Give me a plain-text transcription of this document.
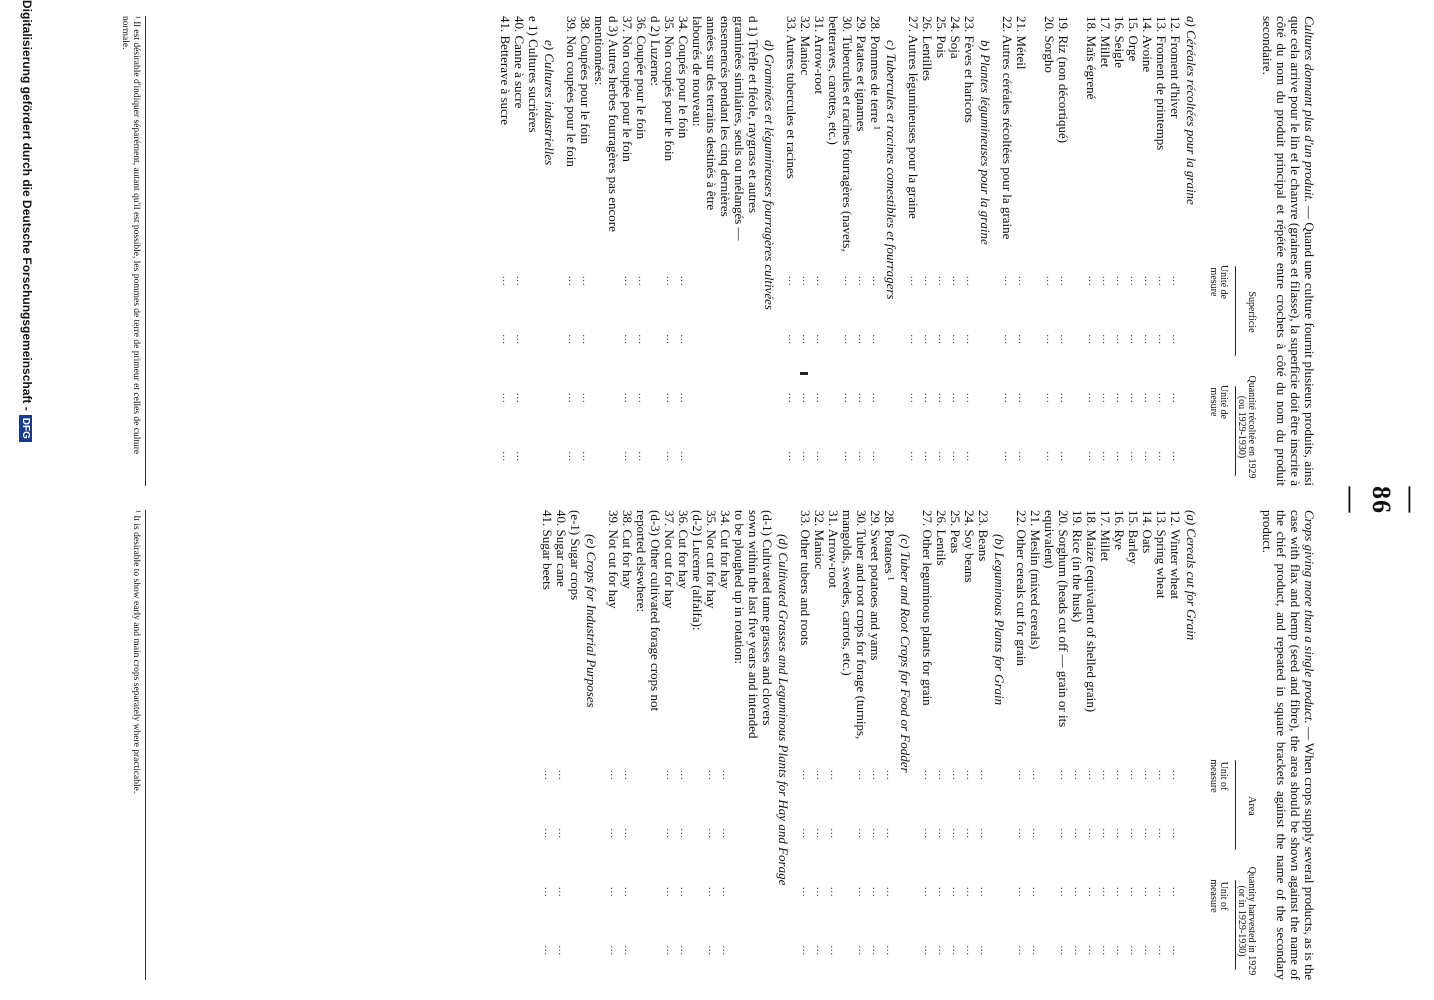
— 86 —
Cultures donnant plus d'un produit. — Quand une culture fournit plusieurs produits, ainsi que cela arrive pour le lin et le chanvre (graines et filasse), la superficie doit être inscrite à côté du nom du produit principal et répétée entre crochets à côté du nom du produit secondaire.
Superficie
Quantité récoltée en 1929 (ou 1929-1930)
Unité de mesure
Unité de mesure
a) Céréales récoltées pour la graine
12. Froment d'hiver
...
...
...
...
13. Froment de printemps
...
...
...
...
14. Avoine
...
...
...
...
15. Orge
...
...
...
...
16. Seigle
...
...
...
...
17. Millet
...
...
...
...
18. Maïs égrené
...
...
...
...
19. Riz (non décortiqué)
...
...
...
...
20. Sorgho
...
...
...
...
21. Méteil
...
...
...
...
22. Autres céréales récoltées pour la graine
...
...
...
...
b) Plantes légumineuses pour la graine
23. Fèves et haricots
...
...
...
...
24. Soja
...
...
...
...
25. Pois
...
...
...
...
26. Lentilles
...
...
...
...
27. Autres légumineuses pour la graine
...
...
...
...
c) Tubercules et racines comestibles et fourragers
28. Pommes de terre ¹
...
...
...
...
29. Patates et ignames
...
...
...
...
30. Tubercules et racines fourragères (navets, betteraves, carottes, etc.)
...
...
...
...
31. Arrow-root
...
...
...
...
32. Manioc
...
...
...
...
33. Autres tubercules et racines
...
...
...
...
d) Graminées et légumineuses fourragères cultivées
d 1) Trèfle et fléole, raygrass et autres graminées similaires, seuls ou mélangés — ensemencés pendant les cinq dernières années sur des terrains destinés à être labourés de nouveau:
34. Coupés pour le foin
...
...
...
...
35. Non coupés pour le foin
...
...
...
...
d 2) Luzerne:
36. Coupée pour le foin
...
...
...
...
37. Non coupée pour le foin
...
...
...
...
d 3) Autres herbes fourragères pas encore mentionnées:
38. Coupées pour le foin
...
...
...
...
39. Non coupées pour le foin
...
...
...
...
e) Cultures industrielles
e 1) Cultures sucrières
40. Canne à sucre
...
...
...
...
41. Betterave à sucre
...
...
...
...
Crops giving more than a single product. — When crops supply several products, as is the case with flax and hemp (seed and fibre), the area should be shown against the name of the chief product, and repeated in square brackets against the name of the secondary product.
Area
Quantity harvested in 1929 (or in 1929-1930)
Unit of measure
Unit of measure
(a) Cereals cut for Grain
12. Winter wheat
...
...
...
...
13. Spring wheat
...
...
...
...
14. Oats
...
...
...
...
15. Barley
...
...
...
...
16. Rye
...
...
...
...
17. Millet
...
...
...
...
18. Maize (equivalent of shelled grain)
...
...
...
...
19. Rice (in the husk)
...
...
...
...
20. Sorghum (heads cut off — grain or its equivalent)
...
...
...
...
21. Meslin (mixed cereals)
...
...
...
...
22. Other cereals cut for grain
...
...
...
...
(b) Leguminous Plants for Grain
23. Beans
...
...
...
...
24. Soy beans
...
...
...
...
25. Peas
...
...
...
...
26. Lentils
...
...
...
...
27. Other leguminous plants for grain
...
...
...
...
(c) Tuber and Root Crops for Food or Fodder
28. Potatoes ¹
...
...
...
...
29. Sweet potatoes and yams
...
...
...
...
30. Tuber and root crops for forage (turnips, mangolds, swedes, carrots, etc.)
...
...
...
...
31. Arrow-root
...
...
...
...
32. Manioc
...
...
...
...
33. Other tubers and roots
...
...
...
...
(d) Cultivated Grasses and Leguminous Plants for Hay and Forage
(d-1) Cultivated tame grasses and clovers sown within the last five years and intended to be ploughed up in rotation:
34. Cut for hay
...
...
...
...
35. Not cut for hay
...
...
...
...
(d-2) Lucerne (alfalfa):
36. Cut for hay
...
...
...
...
37. Not cut for hay
...
...
...
...
(d-3) Other cultivated forage crops not reported elsewhere:
38. Cut for hay
...
...
...
...
39. Not cut for hay
...
...
...
...
(e) Crops for Industrial Purposes
(e-1) Sugar crops
40. Sugar cane
...
...
...
...
41. Sugar beets
...
...
...
...
¹ Il est désirable d'indiquer séparément, autant qu'il est possible, les pommes de terre de primeur et celles de culture normale.
¹ It is desirable to show early and main crops separately where practicable.
Digitalisierung gefördert durch die Deutsche Forschungsgemeinschaft -DFG
